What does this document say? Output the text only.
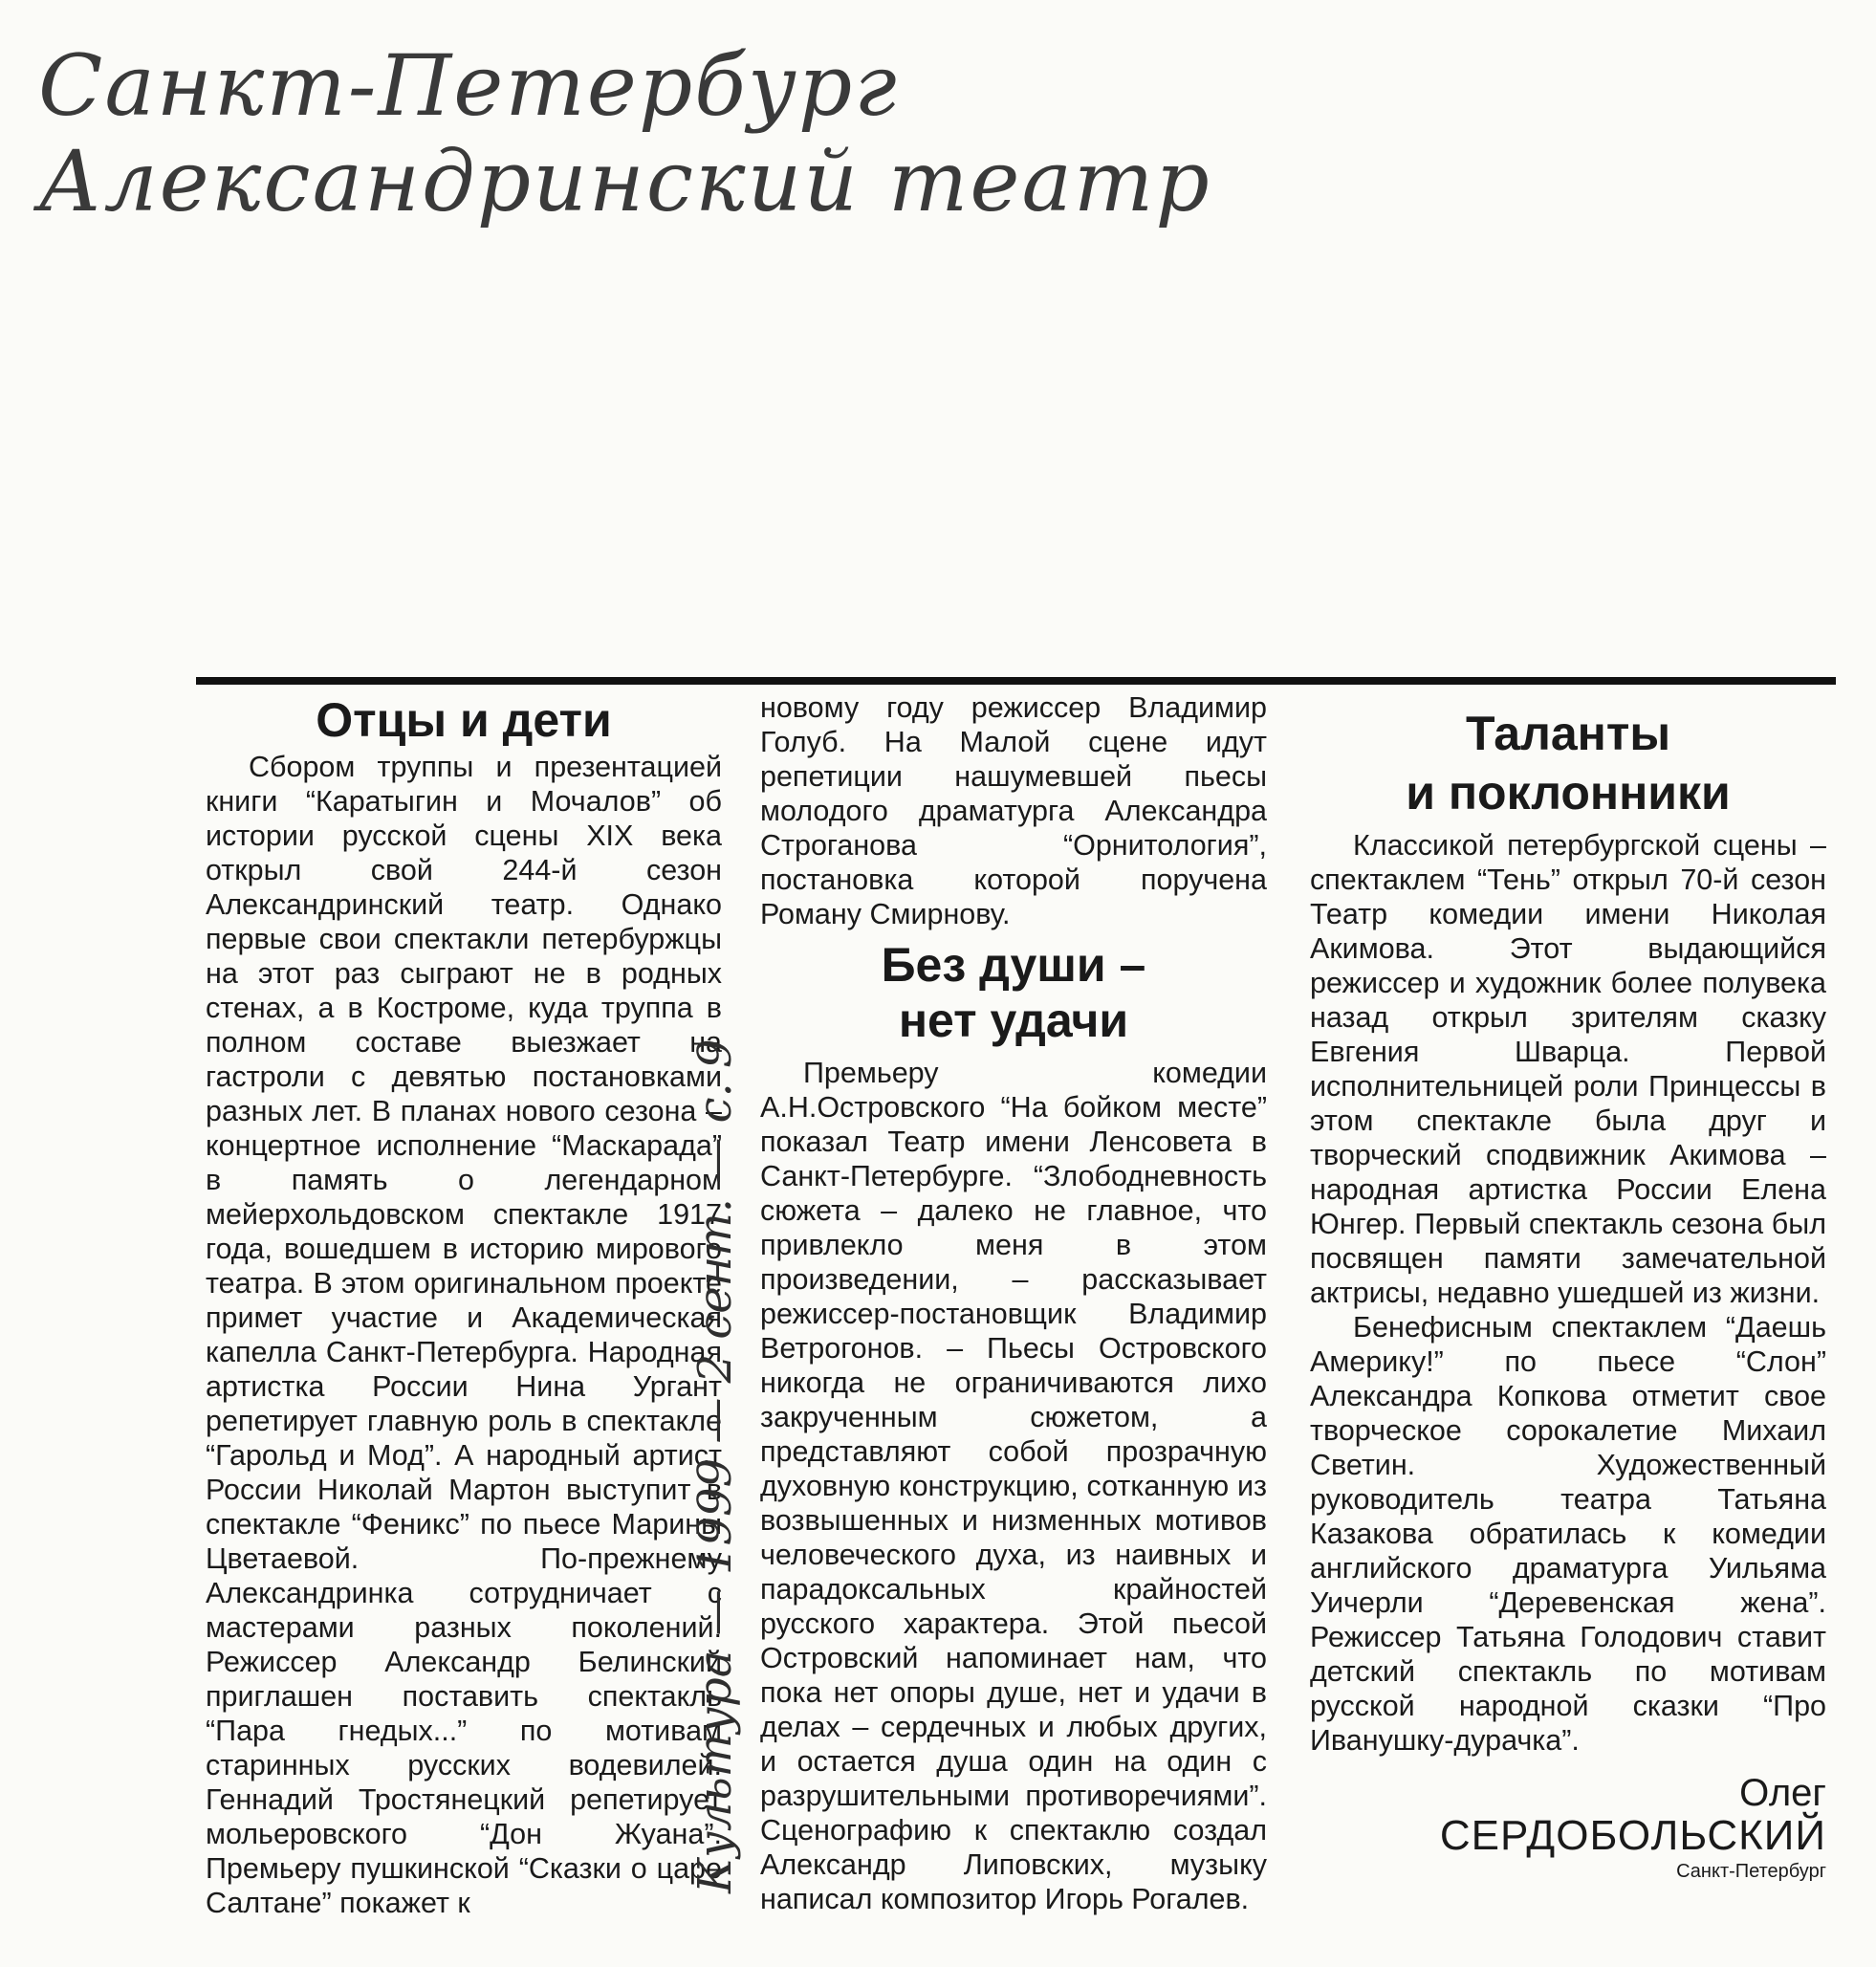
Санкт-Петербург
Александринский театр
Отцы и дети

Сбором труппы и презентацией книги “Каратыгин и Мочалов” об истории русской сцены XIX века открыл свой 244-й сезон Александринский театр. Однако первые свои спектакли петербуржцы на этот раз сыграют не в родных стенах, а в Костроме, куда труппа в полном составе выезжает на гастроли с девятью постановками разных лет. В планах нового сезона – концертное исполнение “Маскарада” в память о легендарном мейерхольдовском спектакле 1917 года, вошедшем в историю мирового театра. В этом оригинальном проекте примет участие и Академическая капелла Санкт-Петербурга. Народная артистка России Нина Ургант репетирует главную роль в спектакле “Гарольд и Мод”. А народный артист России Николай Мартон выступит в спектакле “Феникс” по пьесе Марины Цветаевой. По-прежнему Александринка сотрудничает с мастерами разных поколений. Режиссер Александр Белинский приглашен поставить спектакль “Пара гнедых...” по мотивам старинных русских водевилей. Геннадий Тростянецкий репетирует мольеровского “Дон Жуана”. Премьеру пушкинской “Сказки о царе Салтане” покажет к

новому году режиссер Владимир Голуб. На Малой сцене идут репетиции нашумевшей пьесы молодого драматурга Александра Строганова “Орнитология”, постановка которой поручена Роману Смирнову.

Без души –
нет удачи

Премьеру комедии А.Н.Островского “На бойком месте” показал Театр имени Ленсовета в Санкт-Петербурге. “Злободневность сюжета – далеко не главное, что привлекло меня в этом произведении, – рассказывает режиссер-постановщик Владимир Ветрогонов. – Пьесы Островского никогда не ограничиваются лихо закрученным сюжетом, а представляют собой прозрачную духовную конструкцию, сотканную из возвышенных и низменных мотивов человеческого духа, из наивных и парадоксальных крайностей русского характера. Этой пьесой Островский напоминает нам, что пока нет опоры душе, нет и удачи в делах – сердечных и любых других, и остается душа один на один с разрушительными противоречиями”. Сценографию к спектаклю создал Александр Липовских, музыку написал композитор Игорь Рогалев.

Таланты
и поклонники

Классикой петербургской сцены – спектаклем “Тень” открыл 70-й сезон Театр комедии имени Николая Акимова. Этот выдающийся режиссер и художник более полувека назад открыл зрителям сказку Евгения Шварца. Первой исполнительницей роли Принцессы в этом спектакле была друг и творческий сподвижник Акимова – народная артистка России Елена Юнгер. Первый спектакль сезона был посвящен памяти замечательной актрисы, недавно ушедшей из жизни.

Бенефисным спектаклем “Даешь Америку!” по пьесе “Слон” Александра Копкова отметит свое творческое сорокалетие Михаил Светин. Художественный руководитель театра Татьяна Казакова обратилась к комедии английского драматурга Уильяма Уичерли “Деревенская жена”. Режиссер Татьяна Голодович ставит детский спектакль по мотивам русской народной сказки “Про Иванушку-дурачка”.

Олег
СЕРДОБОЛЬСКИЙ
Санкт-Петербург
Культура — 1999 — 2 сент. — с. 9
